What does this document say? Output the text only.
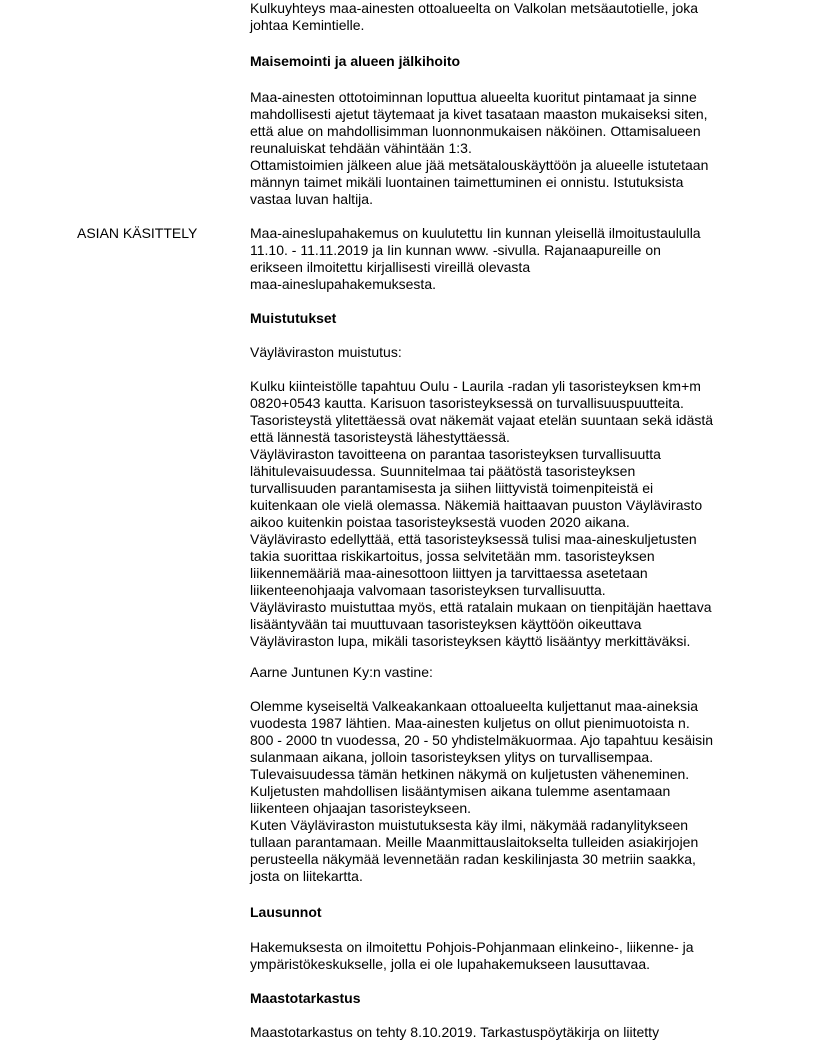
Kulkuyhteys maa-ainesten ottoalueelta on Valkolan metsäautotielle, joka
johtaa Kemintielle.

Maisemointi ja alueen jälkihoito

Maa-ainesten ottotoiminnan loputtua alueelta kuoritut pintamaat ja sinne
mahdollisesti ajetut täytemaat ja kivet tasataan maaston mukaiseksi siten,
että alue on mahdollisimman luonnonmukaisen näköinen. Ottamisalueen
reunaluiskat tehdään vähintään 1:3.
Ottamistoimien jälkeen alue jää metsätalouskäyttöön ja alueelle istutetaan
männyn taimet mikäli luontainen taimettuminen ei onnistu. Istutuksista
vastaa luvan haltija.

ASIAN KÄSITTELY	Maa-aineslupahakemus on kuulutettu Iin kunnan yleisellä ilmoitustaululla
11.10. - 11.11.2019 ja Iin kunnan www. -sivulla. Rajanaapureille on
erikseen ilmoitettu kirjallisesti vireillä olevasta
maa-aineslupahakemuksesta.

Muistutukset

Väyläviraston muistutus:

Kulku kiinteistölle tapahtuu Oulu - Laurila -radan yli tasoristeyksen km+m
0820+0543 kautta. Karisuon tasoristeyksessä on turvallisuuspuutteita.
Tasoristeystä ylitettäessä ovat näkemät vajaat etelän suuntaan sekä idästä
että lännestä tasoristeystä lähestyttäessä.
Väyläviraston tavoitteena on parantaa tasoristeyksen turvallisuutta
lähitulevaisuudessa. Suunnitelmaa tai päätöstä tasoristeyksen
turvallisuuden parantamisesta ja siihen liittyvistä toimenpiteistä ei
kuitenkaan ole vielä olemassa. Näkemiä haittaavan puuston Väylävirasto
aikoo kuitenkin poistaa tasoristeyksestä vuoden 2020 aikana.
Väylävirasto edellyttää, että tasoristeyksessä tulisi maa-aineskuljetusten
takia suorittaa riskikartoitus, jossa selvitetään mm. tasoristeyksen
liikennemääriä maa-ainesottoon liittyen ja tarvittaessa asetetaan
liikenteenohjaaja valvomaan tasoristeyksen turvallisuutta.
Väylävirasto muistuttaa myös, että ratalain mukaan on tienpitäjän haettava
lisääntyvään tai muuttuvaan tasoristeyksen käyttöön oikeuttava
Väyläviraston lupa, mikäli tasoristeyksen käyttö lisääntyy merkittäväksi.

Aarne Juntunen Ky:n vastine:

Olemme kyseiseltä Valkeakankaan ottoalueelta kuljettanut maa-aineksia
vuodesta 1987 lähtien. Maa-ainesten kuljetus on ollut pienimuotoista n.
800 - 2000 tn vuodessa, 20 - 50 yhdistelmäkuormaa. Ajo tapahtuu kesäisin
sulanmaan aikana, jolloin tasoristeyksen ylitys on turvallisempaa.
Tulevaisuudessa tämän hetkinen näkymä on kuljetusten väheneminen.
Kuljetusten mahdollisen lisääntymisen aikana tulemme asentamaan
liikenteen ohjaajan tasoristeykseen.
Kuten Väyläviraston muistutuksesta käy ilmi, näkymää radanylitykseen
tullaan parantamaan. Meille Maanmittauslaitokselta tulleiden asiakirjojen
perusteella näkymää levennetään radan keskilinjasta 30 metriin saakka,
josta on liitekartta.

Lausunnot

Hakemuksesta on ilmoitettu Pohjois-Pohjanmaan elinkeino-, liikenne- ja
ympäristökeskukselle, jolla ei ole lupahakemukseen lausuttavaa.

Maastotarkastus

Maastotarkastus on tehty 8.10.2019. Tarkastuspöytäkirja on liitetty
